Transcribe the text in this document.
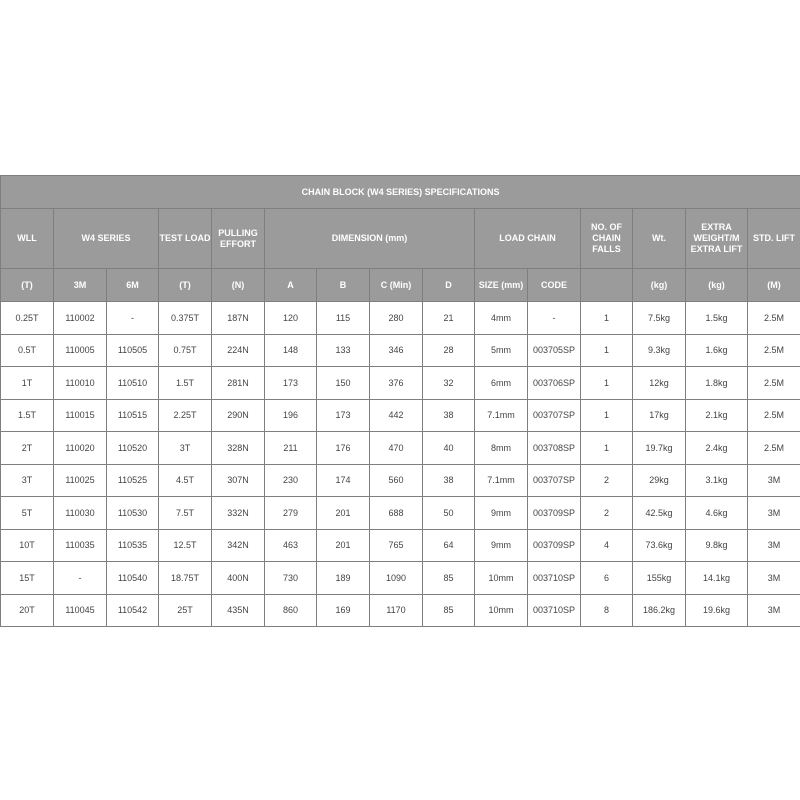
CHAIN BLOCK (W4 SERIES) SPECIFICATIONS														
WLL	W4 SERIES		TEST LOAD	PULLING EFFORT	DIMENSION (mm)				LOAD CHAIN		NO. OF CHAIN FALLS	Wt.	EXTRA WEIGHT/M EXTRA LIFT	STD. LIFT
(T)	3M	6M	(T)	(N)	A	B	C (Min)	D	SIZE (mm)	CODE		(kg)	(kg)	(M)
0.25T	110002	-	0.375T	187N	120	115	280	21	4mm	-	1	7.5kg	1.5kg	2.5M
0.5T	110005	110505	0.75T	224N	148	133	346	28	5mm	003705SP	1	9.3kg	1.6kg	2.5M
1T	110010	110510	1.5T	281N	173	150	376	32	6mm	003706SP	1	12kg	1.8kg	2.5M
1.5T	110015	110515	2.25T	290N	196	173	442	38	7.1mm	003707SP	1	17kg	2.1kg	2.5M
2T	110020	110520	3T	328N	211	176	470	40	8mm	003708SP	1	19.7kg	2.4kg	2.5M
3T	110025	110525	4.5T	307N	230	174	560	38	7.1mm	003707SP	2	29kg	3.1kg	3M
5T	110030	110530	7.5T	332N	279	201	688	50	9mm	003709SP	2	42.5kg	4.6kg	3M
10T	110035	110535	12.5T	342N	463	201	765	64	9mm	003709SP	4	73.6kg	9.8kg	3M
15T	-	110540	18.75T	400N	730	189	1090	85	10mm	003710SP	6	155kg	14.1kg	3M
20T	110045	110542	25T	435N	860	169	1170	85	10mm	003710SP	8	186.2kg	19.6kg	3M
